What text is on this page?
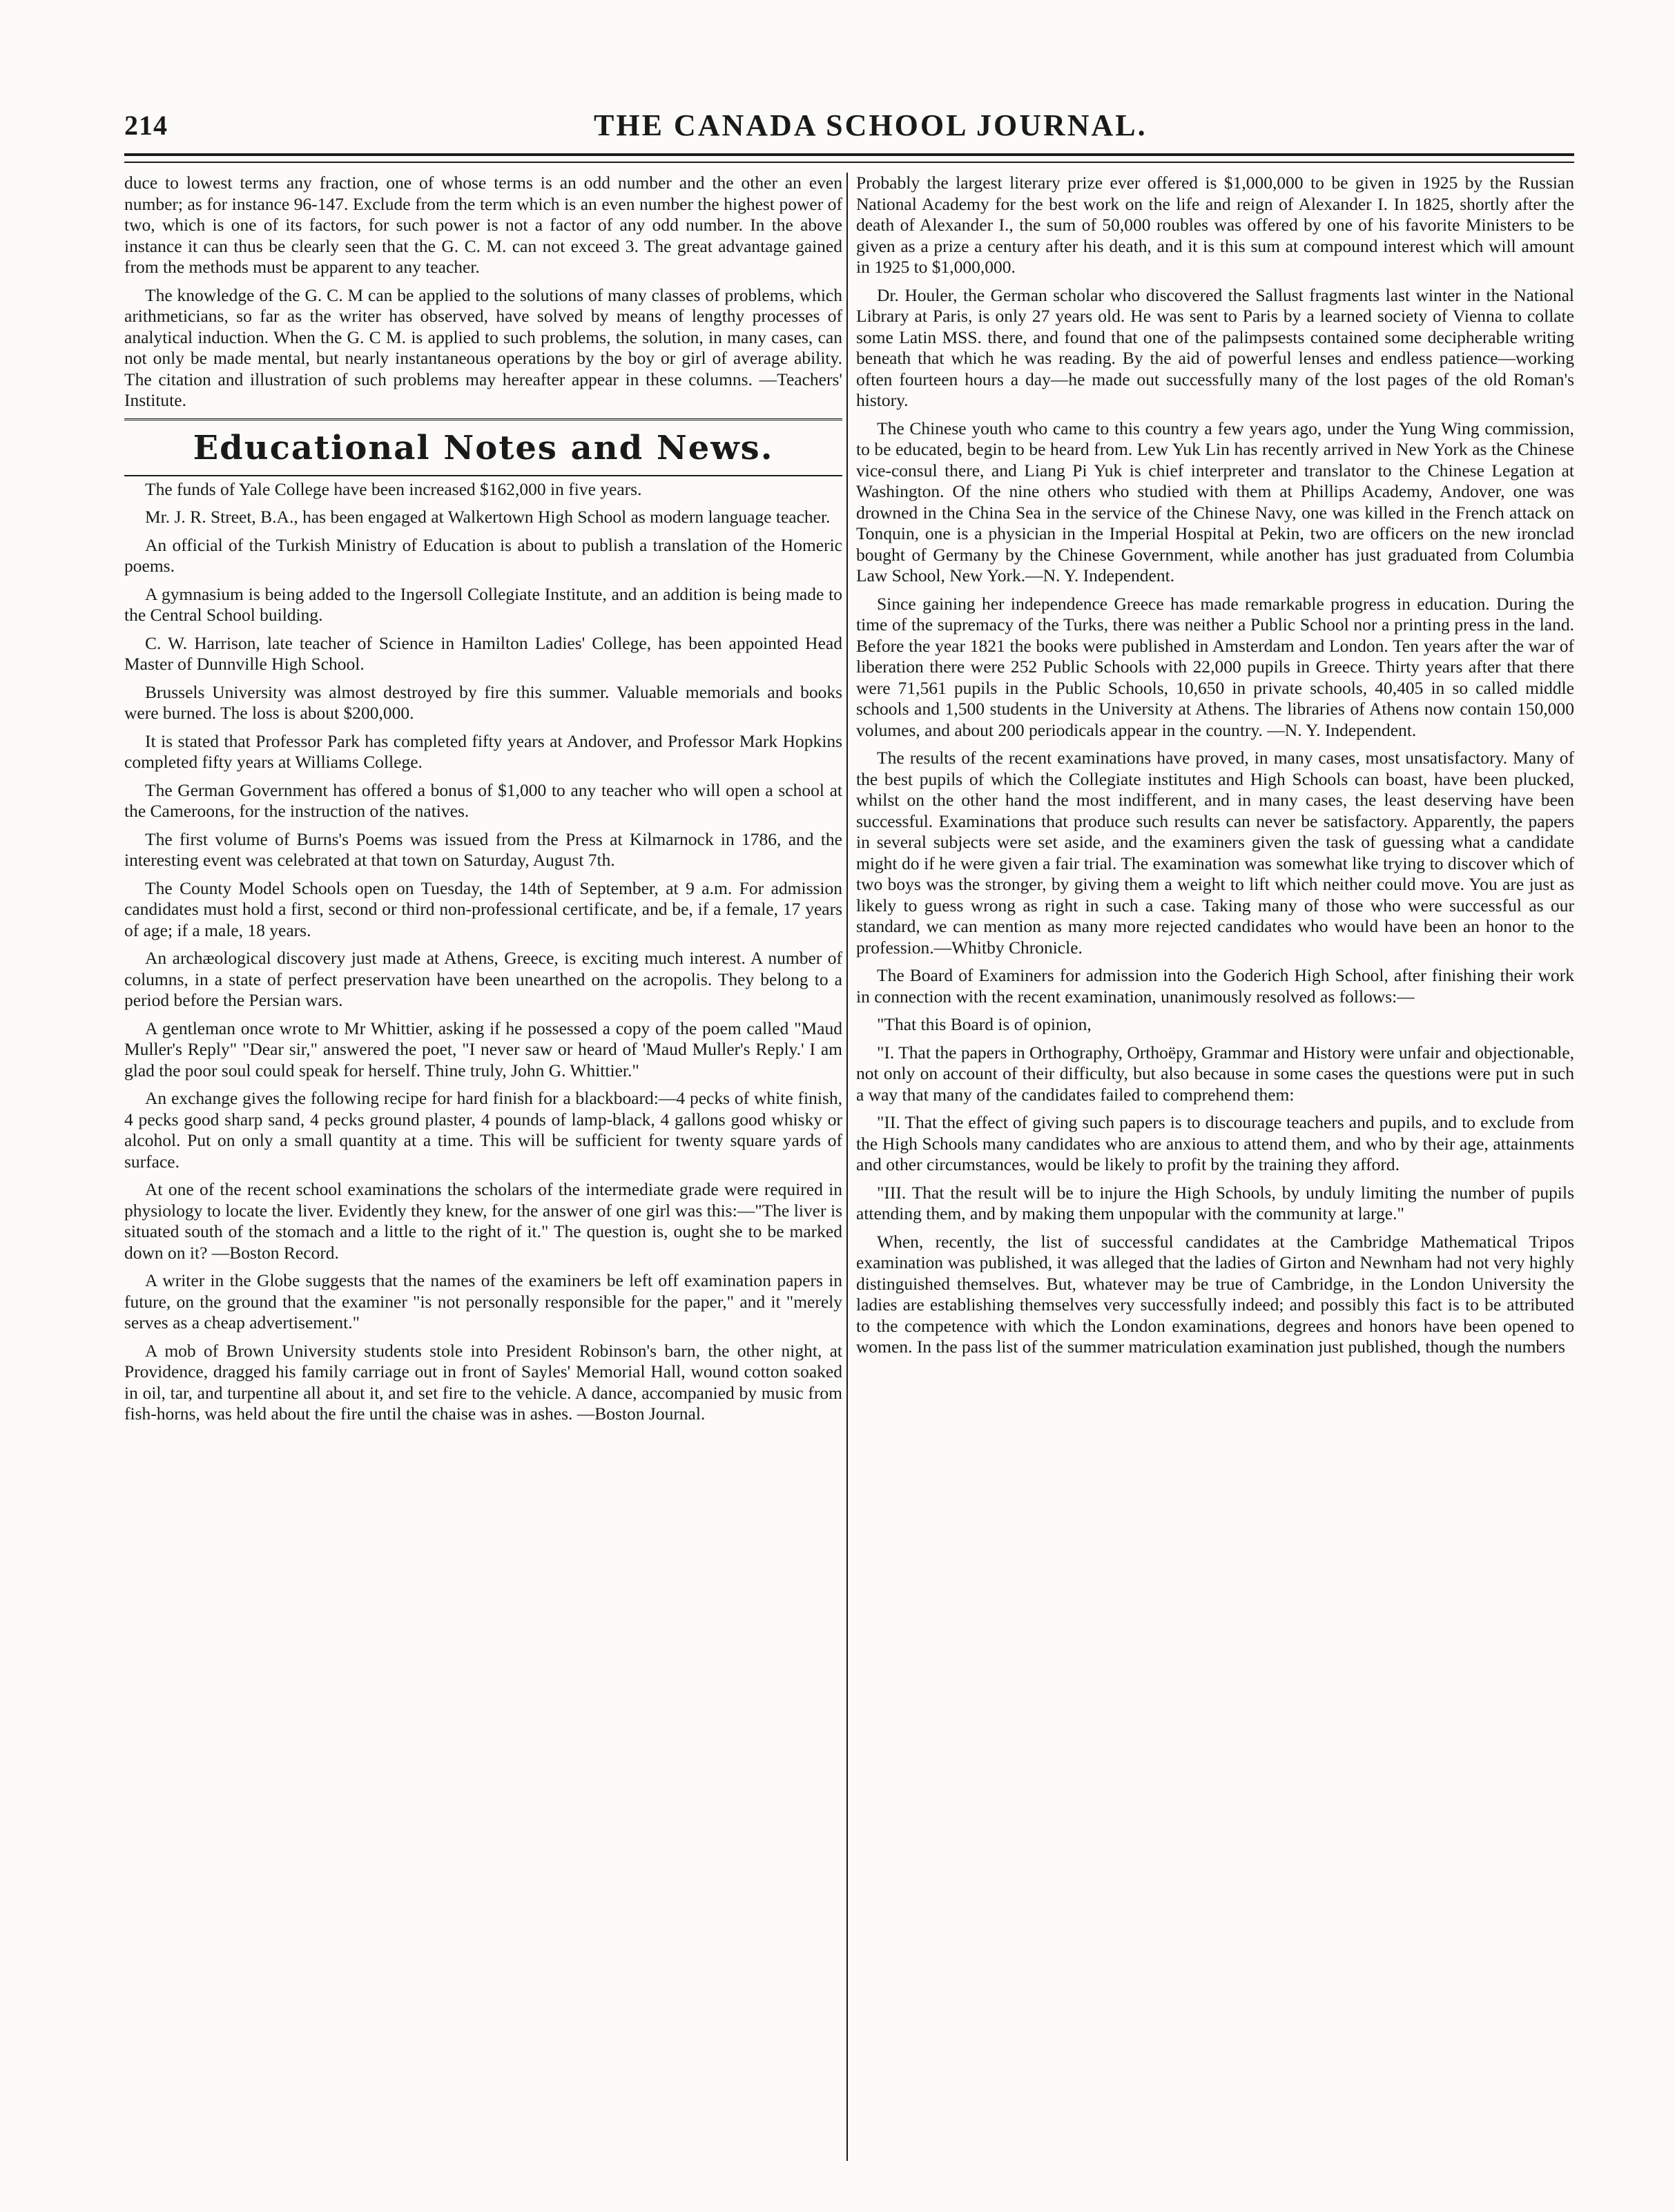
214	THE CANADA SCHOOL JOURNAL.

duce to lowest terms any fraction, one of whose terms is an odd number and the other an even number; as for instance 96-147. Exclude from the term which is an even number the highest power of two, which is one of its factors, for such power is not a factor of any odd number. In the above instance it can thus be clearly seen that the G. C. M. can not exceed 3. The great advantage gained from the methods must be apparent to any teacher.

The knowledge of the G. C. M can be applied to the solutions of many classes of problems, which arithmeticians, so far as the writer has observed, have solved by means of lengthy processes of analytical induction. When the G. C M. is applied to such problems, the solution, in many cases, can not only be made mental, but nearly instantaneous operations by the boy or girl of average ability. The citation and illustration of such problems may hereafter appear in these columns. —Teachers' Institute.

Educational Notes and News.

The funds of Yale College have been increased $162,000 in five years.

Mr. J. R. Street, B.A., has been engaged at Walkertown High School as modern language teacher.

An official of the Turkish Ministry of Education is about to publish a translation of the Homeric poems.

A gymnasium is being added to the Ingersoll Collegiate Institute, and an addition is being made to the Central School building.

C. W. Harrison, late teacher of Science in Hamilton Ladies' College, has been appointed Head Master of Dunnville High School.

Brussels University was almost destroyed by fire this summer. Valuable memorials and books were burned. The loss is about $200,000.

It is stated that Professor Park has completed fifty years at Andover, and Professor Mark Hopkins completed fifty years at Williams College.

The German Government has offered a bonus of $1,000 to any teacher who will open a school at the Cameroons, for the instruction of the natives.

The first volume of Burns's Poems was issued from the Press at Kilmarnock in 1786, and the interesting event was celebrated at that town on Saturday, August 7th.

The County Model Schools open on Tuesday, the 14th of September, at 9 a.m. For admission candidates must hold a first, second or third non-professional certificate, and be, if a female, 17 years of age; if a male, 18 years.

An archæological discovery just made at Athens, Greece, is exciting much interest. A number of columns, in a state of perfect preservation have been unearthed on the acropolis. They belong to a period before the Persian wars.

A gentleman once wrote to Mr Whittier, asking if he possessed a copy of the poem called "Maud Muller's Reply" "Dear sir," answered the poet, "I never saw or heard of 'Maud Muller's Reply.' I am glad the poor soul could speak for herself. Thine truly, John G. Whittier."

An exchange gives the following recipe for hard finish for a blackboard:—4 pecks of white finish, 4 pecks good sharp sand, 4 pecks ground plaster, 4 pounds of lamp-black, 4 gallons good whisky or alcohol. Put on only a small quantity at a time. This will be sufficient for twenty square yards of surface.

At one of the recent school examinations the scholars of the intermediate grade were required in physiology to locate the liver. Evidently they knew, for the answer of one girl was this:—"The liver is situated south of the stomach and a little to the right of it." The question is, ought she to be marked down on it? —Boston Record.

A writer in the Globe suggests that the names of the examiners be left off examination papers in future, on the ground that the examiner "is not personally responsible for the paper," and it "merely serves as a cheap advertisement."

A mob of Brown University students stole into President Robinson's barn, the other night, at Providence, dragged his family carriage out in front of Sayles' Memorial Hall, wound cotton soaked in oil, tar, and turpentine all about it, and set fire to the vehicle. A dance, accompanied by music from fish-horns, was held about the fire until the chaise was in ashes. —Boston Journal.

Probably the largest literary prize ever offered is $1,000,000 to be given in 1925 by the Russian National Academy for the best work on the life and reign of Alexander I. In 1825, shortly after the death of Alexander I., the sum of 50,000 roubles was offered by one of his favorite Ministers to be given as a prize a century after his death, and it is this sum at compound interest which will amount in 1925 to $1,000,000.

Dr. Houler, the German scholar who discovered the Sallust fragments last winter in the National Library at Paris, is only 27 years old. He was sent to Paris by a learned society of Vienna to collate some Latin MSS. there, and found that one of the palimpsests contained some decipherable writing beneath that which he was reading. By the aid of powerful lenses and endless patience—working often fourteen hours a day—he made out successfully many of the lost pages of the old Roman's history.

The Chinese youth who came to this country a few years ago, under the Yung Wing commission, to be educated, begin to be heard from. Lew Yuk Lin has recently arrived in New York as the Chinese vice-consul there, and Liang Pi Yuk is chief interpreter and translator to the Chinese Legation at Washington. Of the nine others who studied with them at Phillips Academy, Andover, one was drowned in the China Sea in the service of the Chinese Navy, one was killed in the French attack on Tonquin, one is a physician in the Imperial Hospital at Pekin, two are officers on the new ironclad bought of Germany by the Chinese Government, while another has just graduated from Columbia Law School, New York.—N. Y. Independent.

Since gaining her independence Greece has made remarkable progress in education. During the time of the supremacy of the Turks, there was neither a Public School nor a printing press in the land. Before the year 1821 the books were published in Amsterdam and London. Ten years after the war of liberation there were 252 Public Schools with 22,000 pupils in Greece. Thirty years after that there were 71,561 pupils in the Public Schools, 10,650 in private schools, 40,405 in so called middle schools and 1,500 students in the University at Athens. The libraries of Athens now contain 150,000 volumes, and about 200 periodicals appear in the country. —N. Y. Independent.

The results of the recent examinations have proved, in many cases, most unsatisfactory. Many of the best pupils of which the Collegiate institutes and High Schools can boast, have been plucked, whilst on the other hand the most indifferent, and in many cases, the least deserving have been successful. Examinations that produce such results can never be satisfactory. Apparently, the papers in several subjects were set aside, and the examiners given the task of guessing what a candidate might do if he were given a fair trial. The examination was somewhat like trying to discover which of two boys was the stronger, by giving them a weight to lift which neither could move. You are just as likely to guess wrong as right in such a case. Taking many of those who were successful as our standard, we can mention as many more rejected candidates who would have been an honor to the profession.—Whitby Chronicle.

The Board of Examiners for admission into the Goderich High School, after finishing their work in connection with the recent examination, unanimously resolved as follows:—

"That this Board is of opinion,

"I. That the papers in Orthography, Orthoëpy, Grammar and History were unfair and objectionable, not only on account of their difficulty, but also because in some cases the questions were put in such a way that many of the candidates failed to comprehend them:

"II. That the effect of giving such papers is to discourage teachers and pupils, and to exclude from the High Schools many candidates who are anxious to attend them, and who by their age, attainments and other circumstances, would be likely to profit by the training they afford.

"III. That the result will be to injure the High Schools, by unduly limiting the number of pupils attending them, and by making them unpopular with the community at large."

When, recently, the list of successful candidates at the Cambridge Mathematical Tripos examination was published, it was alleged that the ladies of Girton and Newnham had not very highly distinguished themselves. But, whatever may be true of Cambridge, in the London University the ladies are establishing themselves very successfully indeed; and possibly this fact is to be attributed to the competence with which the London examinations, degrees and honors have been opened to women. In the pass list of the summer matriculation examination just published, though the numbers
